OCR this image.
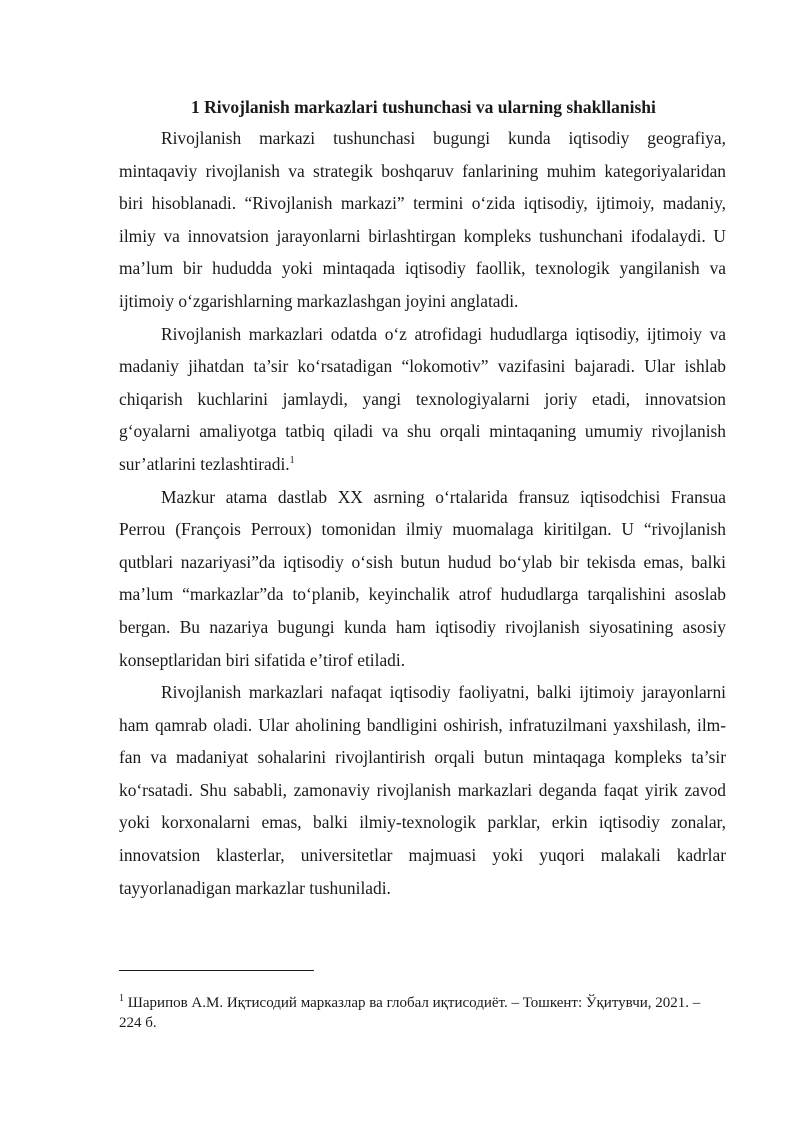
1 Rivojlanish markazlari tushunchasi va ularning shakllanishi

Rivojlanish markazi tushunchasi bugungi kunda iqtisodiy geografiya, mintaqaviy rivojlanish va strategik boshqaruv fanlarining muhim kategoriyalaridan biri hisoblanadi. “Rivojlanish markazi” termini o‘zida iqtisodiy, ijtimoiy, madaniy, ilmiy va innovatsion jarayonlarni birlashtirgan kompleks tushunchani ifodalaydi. U ma’lum bir hududda yoki mintaqada iqtisodiy faollik, texnologik yangilanish va ijtimoiy o‘zgarishlarning markazlashgan joyini anglatadi.

Rivojlanish markazlari odatda o‘z atrofidagi hududlarga iqtisodiy, ijtimoiy va madaniy jihatdan ta’sir ko‘rsatadigan “lokomotiv” vazifasini bajaradi. Ular ishlab chiqarish kuchlarini jamlaydi, yangi texnologiyalarni joriy etadi, innovatsion g‘oyalarni amaliyotga tatbiq qiladi va shu orqali mintaqaning umumiy rivojlanish sur’atlarini tezlashtiradi.$^1$

Mazkur atama dastlab XX asrning o‘rtalarida fransuz iqtisodchisi Fransua Perrou (François Perroux) tomonidan ilmiy muomalaga kiritilgan. U “rivojlanish qutblari nazariyasi”da iqtisodiy o‘sish butun hudud bo‘ylab bir tekisda emas, balki ma’lum “markazlar”da to‘planib, keyinchalik atrof hududlarga tarqalishini asoslab bergan. Bu nazariya bugungi kunda ham iqtisodiy rivojlanish siyosatining asosiy konseptlaridan biri sifatida e’tirof etiladi.

Rivojlanish markazlari nafaqat iqtisodiy faoliyatni, balki ijtimoiy jarayonlarni ham qamrab oladi. Ular aholining bandligini oshirish, infratuzilmani yaxshilash, ilm-fan va madaniyat sohalarini rivojlantirish orqali butun mintaqaga kompleks ta’sir ko‘rsatadi. Shu sababli, zamonaviy rivojlanish markazlari deganda faqat yirik zavod yoki korxonalarni emas, balki ilmiy-texnologik parklar, erkin iqtisodiy zonalar, innovatsion klasterlar, universitetlar majmuasi yoki yuqori malakali kadrlar tayyorlanadigan markazlar tushuniladi.

$^1$ Шарипов А.М. Иқтисодий марказлар ва глобал иқтисодиёт. – Тошкент: Ўқитувчи, 2021. – 224 б.
